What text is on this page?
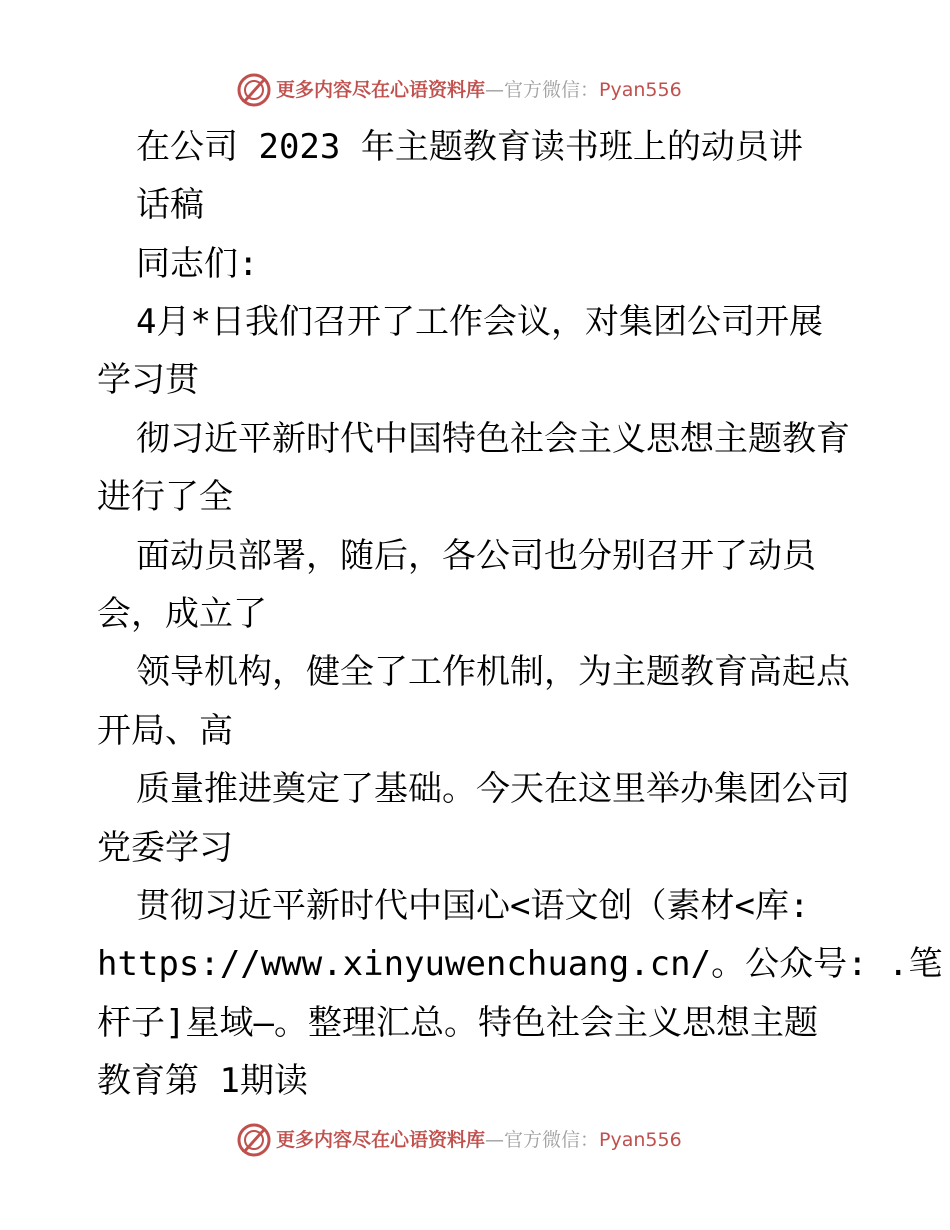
更多内容尽在心语资料库—官方微信：Pyan556
在公司 2023 年主题教育读书班上的动员讲
话稿
同志们:
4月*日我们召开了工作会议，对集团公司开展
学习贯
彻习近平新时代中国特色社会主义思想主题教育
进行了全
面动员部署，随后，各公司也分别召开了动员
会，成立了
领导机构，健全了工作机制，为主题教育高起点
开局、高
质量推进奠定了基础。今天在这里举办集团公司
党委学习
贯彻习近平新时代中国心<语文创（素材<库:
https://www.xinyuwenchuang.cn/。公众号: .笔
杆子]星域—。整理汇总。特色社会主义思想主题
教育第 1期读
更多内容尽在心语资料库—官方微信：Pyan556
